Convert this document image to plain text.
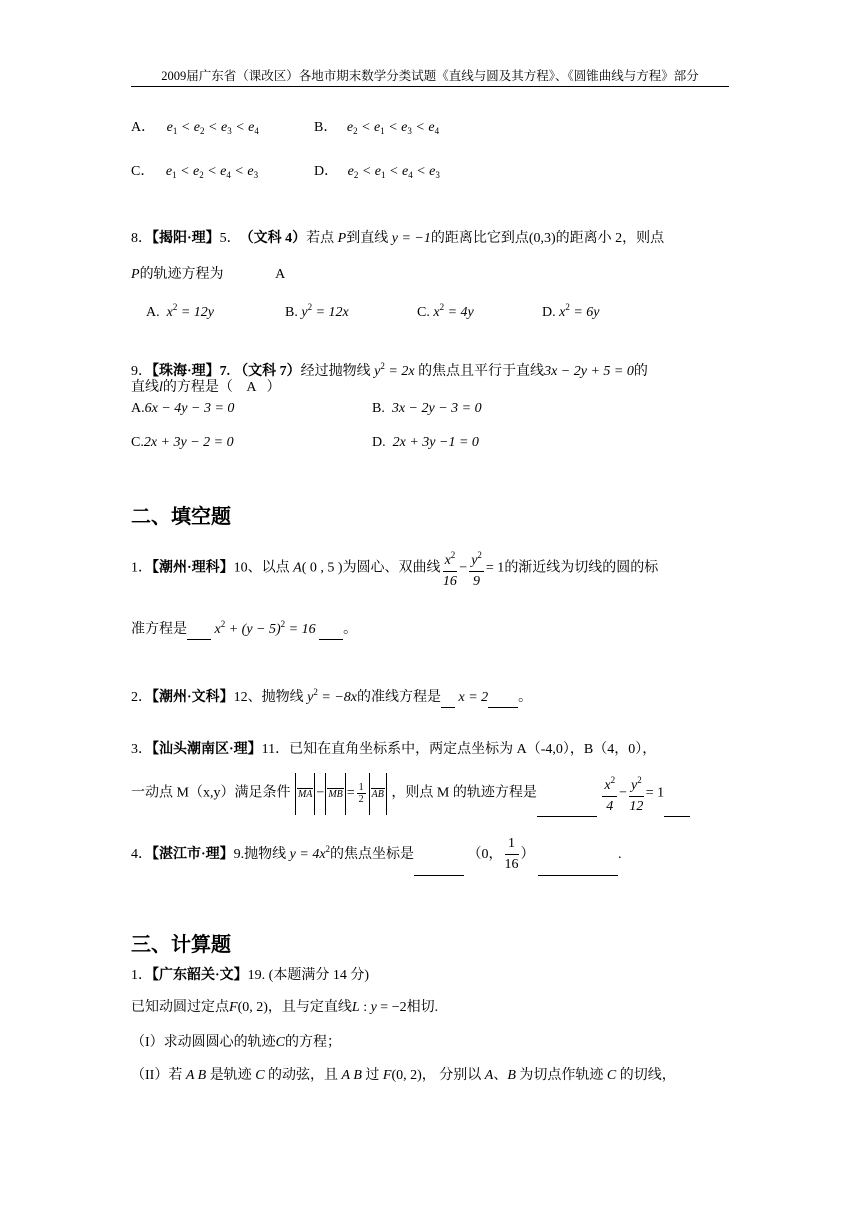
2009届广东省（课改区）各地市期末数学分类试题《直线与圆及其方程》、《圆锥曲线与方程》部分
A． $e_1 < e_2 < e_3 < e_4$	B． $e_2 < e_1 < e_3 < e_4$
C． $e_1 < e_2 < e_4 < e_3$	D． $e_2 < e_1 < e_4 < e_3$
8．【揭阳·理】5． （文科 4）若点 P到直线 y = −1的距离比它到点(0,3)的距离小 2，则点
P的轨迹方程为	A
A. $x^2 = 12y$	B. $y^2 = 12x$	C. $x^2 = 4y$	D. $x^2 = 6y$
9．【珠海·理】7. （文科 7）经过抛物线 $y^2 = 2x$ 的焦点且平行于直线3x − 2y + 5 = 0的
直线l的方程是（ A ）
A.6x − 4y − 3 = 0	B. 3x − 2y − 3 = 0
C.2x + 3y − 2 = 0	D. 2x + 3y −1 = 0
二、填空题
1．【潮州·理科】10、以点 A( 0 , 5 )为圆心、双曲线 $\frac{x^2}{16} - \frac{y^2}{9} = 1$的渐近线为切线的圆的标
准方程是 $x^2 + (y - 5)^2 = 16$ 。
2．【潮州·文科】12、抛物线 $y^2 = -8x$的准线方程是 x = 2 。
3．【汕头潮南区·理】11．已知在直角坐标系中，两定点坐标为 A（-4,0），B（4，0），
一动点 M（x,y）满足条件 MA − MB = $\frac{1}{2}$ AB ，则点 M 的轨迹方程是	$\frac{x^2}{4} - \frac{y^2}{12} = 1$
4．【湛江市·理】9.抛物线 $y = 4x^2$的焦点坐标是	（0， $\frac{1}{16}$ ）	.
三、计算题
1．【广东韶关·文】19. (本题满分 14 分)
已知动圆过定点F(0, 2)，且与定直线L : y = −2相切.
（I）求动圆圆心的轨迹C的方程；
（II）若 A B 是轨迹 C 的动弦，且 A B 过 F(0, 2)， 分别以 A、B 为切点作轨迹 C 的切线，
